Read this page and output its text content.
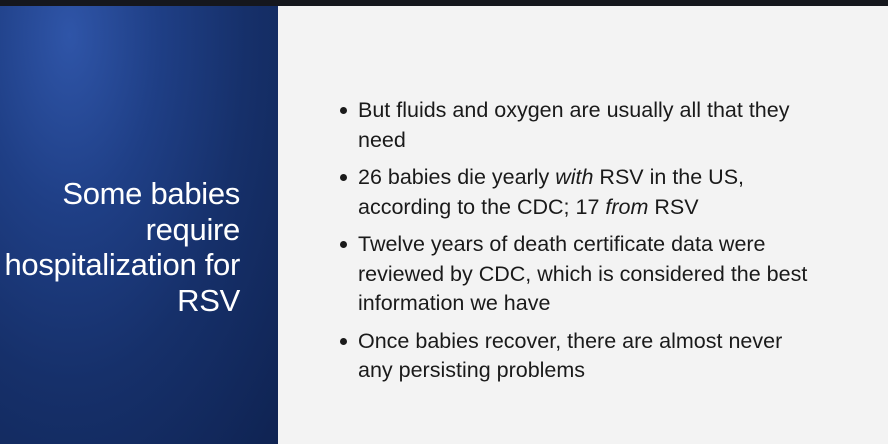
Some babies require hospitalization for RSV
But fluids and oxygen are usually all that they need
26 babies die yearly with RSV in the US, according to the CDC; 17 from RSV
Twelve years of death certificate data were reviewed by CDC, which is considered the best information we have
Once babies recover, there are almost never any persisting problems
